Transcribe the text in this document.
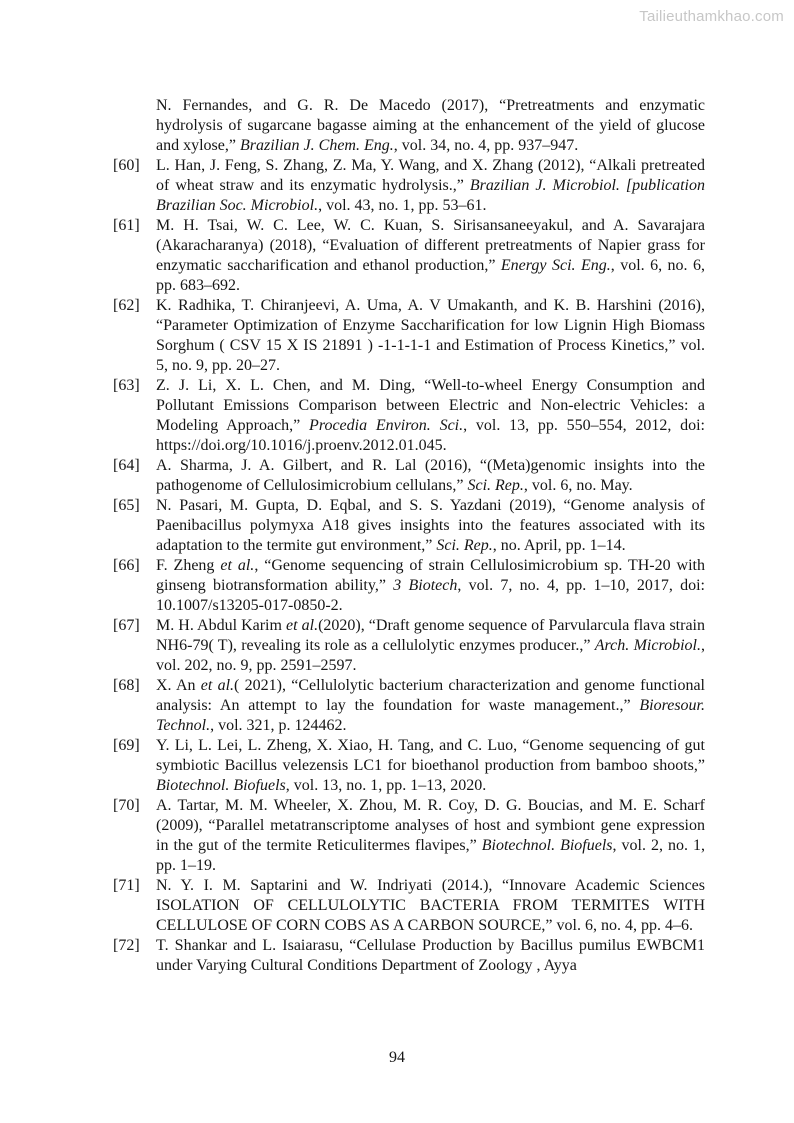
Tailieuthamkhao.com
N. Fernandes, and G. R. De Macedo (2017), “Pretreatments and enzymatic hydrolysis of sugarcane bagasse aiming at the enhancement of the yield of glucose and xylose,” Brazilian J. Chem. Eng., vol. 34, no. 4, pp. 937–947.
[60] L. Han, J. Feng, S. Zhang, Z. Ma, Y. Wang, and X. Zhang (2012), “Alkali pretreated of wheat straw and its enzymatic hydrolysis.,” Brazilian J. Microbiol. [publication Brazilian Soc. Microbiol., vol. 43, no. 1, pp. 53–61.
[61] M. H. Tsai, W. C. Lee, W. C. Kuan, S. Sirisansaneeyakul, and A. Savarajara (Akaracharanya) (2018), “Evaluation of different pretreatments of Napier grass for enzymatic saccharification and ethanol production,” Energy Sci. Eng., vol. 6, no. 6, pp. 683–692.
[62] K. Radhika, T. Chiranjeevi, A. Uma, A. V Umakanth, and K. B. Harshini (2016), “Parameter Optimization of Enzyme Saccharification for low Lignin High Biomass Sorghum ( CSV 15 X IS 21891 ) -1-1-1-1 and Estimation of Process Kinetics,” vol. 5, no. 9, pp. 20–27.
[63] Z. J. Li, X. L. Chen, and M. Ding, “Well-to-wheel Energy Consumption and Pollutant Emissions Comparison between Electric and Non-electric Vehicles: a Modeling Approach,” Procedia Environ. Sci., vol. 13, pp. 550–554, 2012, doi: https://doi.org/10.1016/j.proenv.2012.01.045.
[64] A. Sharma, J. A. Gilbert, and R. Lal (2016), “(Meta)genomic insights into the pathogenome of Cellulosimicrobium cellulans,” Sci. Rep., vol. 6, no. May.
[65] N. Pasari, M. Gupta, D. Eqbal, and S. S. Yazdani (2019), “Genome analysis of Paenibacillus polymyxa A18 gives insights into the features associated with its adaptation to the termite gut environment,” Sci. Rep., no. April, pp. 1–14.
[66] F. Zheng et al., “Genome sequencing of strain Cellulosimicrobium sp. TH-20 with ginseng biotransformation ability,” 3 Biotech, vol. 7, no. 4, pp. 1–10, 2017, doi: 10.1007/s13205-017-0850-2.
[67] M. H. Abdul Karim et al.(2020), “Draft genome sequence of Parvularcula flava strain NH6-79( T), revealing its role as a cellulolytic enzymes producer.,” Arch. Microbiol., vol. 202, no. 9, pp. 2591–2597.
[68] X. An et al.( 2021), “Cellulolytic bacterium characterization and genome functional analysis: An attempt to lay the foundation for waste management.,” Bioresour. Technol., vol. 321, p. 124462.
[69] Y. Li, L. Lei, L. Zheng, X. Xiao, H. Tang, and C. Luo, “Genome sequencing of gut symbiotic Bacillus velezensis LC1 for bioethanol production from bamboo shoots,” Biotechnol. Biofuels, vol. 13, no. 1, pp. 1–13, 2020.
[70] A. Tartar, M. M. Wheeler, X. Zhou, M. R. Coy, D. G. Boucias, and M. E. Scharf (2009), “Parallel metatranscriptome analyses of host and symbiont gene expression in the gut of the termite Reticulitermes flavipes,” Biotechnol. Biofuels, vol. 2, no. 1, pp. 1–19.
[71] N. Y. I. M. Saptarini and W. Indriyati (2014.), “Innovare Academic Sciences ISOLATION OF CELLULOLYTIC BACTERIA FROM TERMITES WITH CELLULOSE OF CORN COBS AS A CARBON SOURCE,” vol. 6, no. 4, pp. 4–6.
[72] T. Shankar and L. Isaiarasu, “Cellulase Production by Bacillus pumilus EWBCM1 under Varying Cultural Conditions Department of Zoology , Ayya
94
